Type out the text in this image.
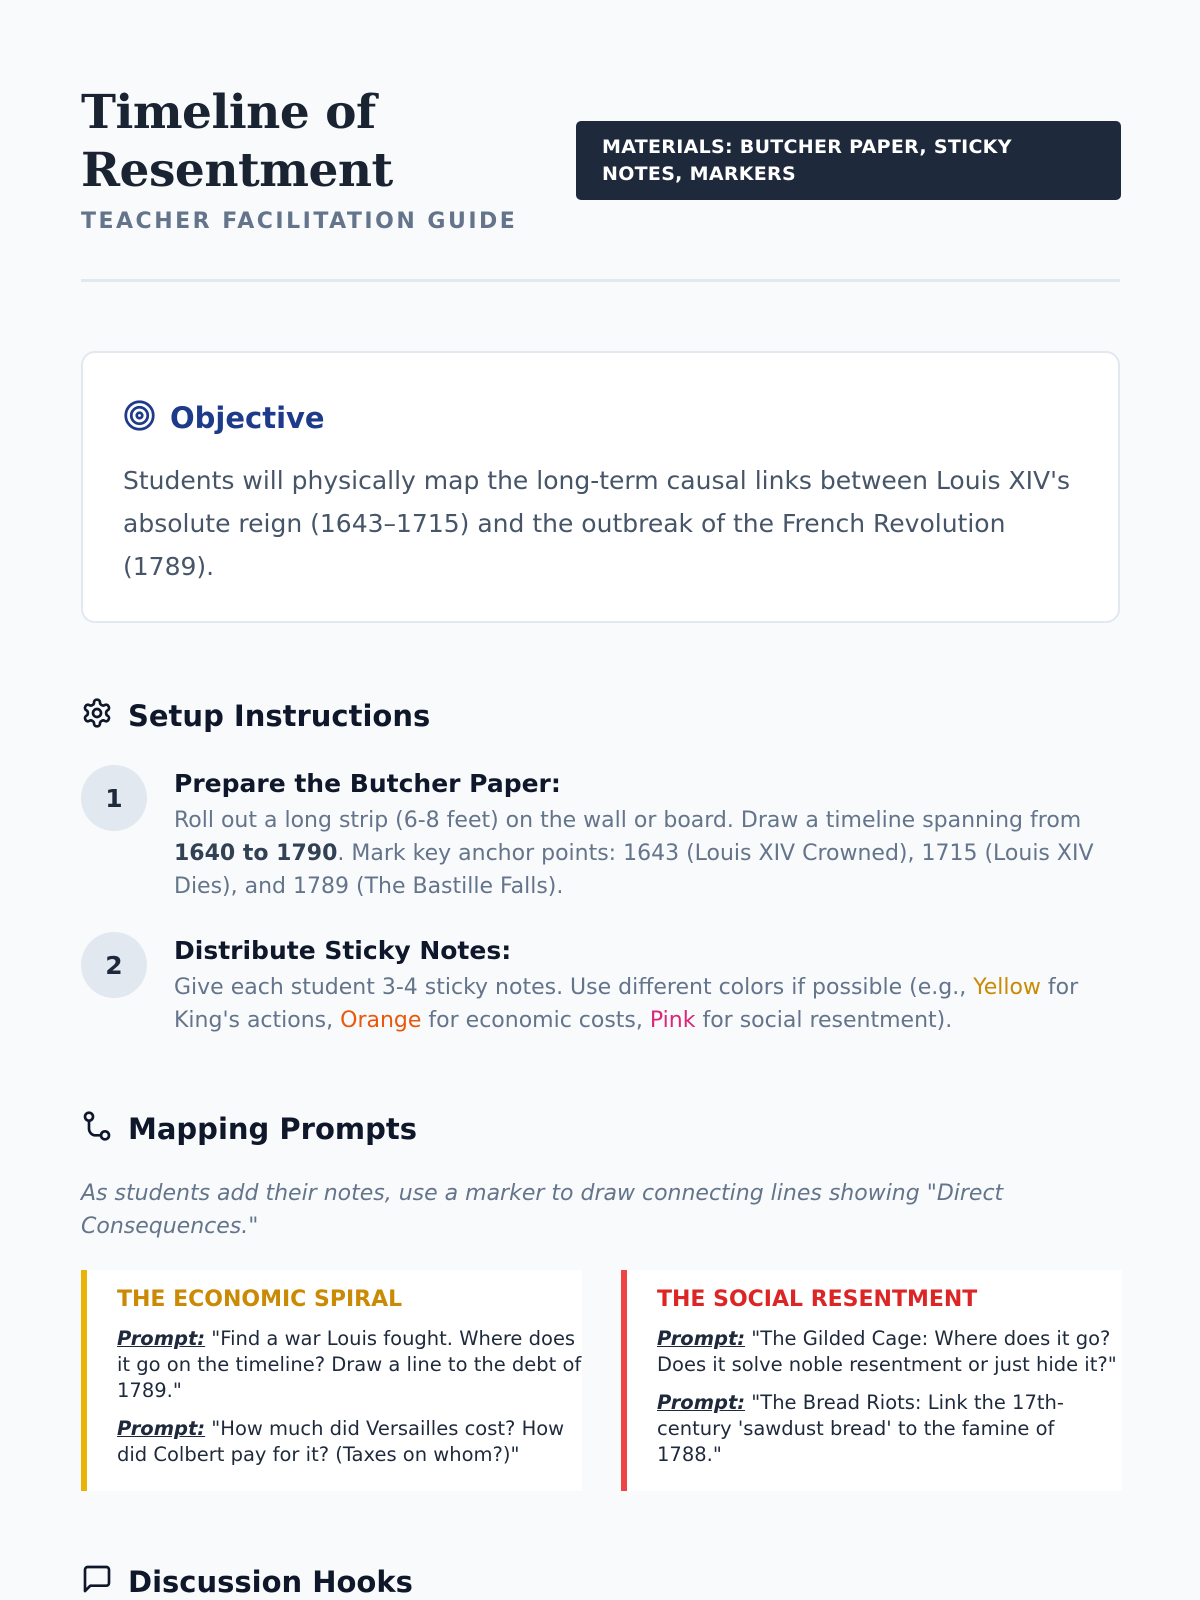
Timeline of Resentment
TEACHER FACILITATION GUIDE
MATERIALS: BUTCHER PAPER, STICKY NOTES, MARKERS
Objective

Students will physically map the long-term causal links between Louis XIV's absolute reign (1643–1715) and the outbreak of the French Revolution (1789).

Setup Instructions
1	Prepare the Butcher Paper:

Roll out a long strip (6-8 feet) on the wall or board. Draw a timeline spanning from 1640 to 1790. Mark key anchor points: 1643 (Louis XIV Crowned), 1715 (Louis XIV Dies), and 1789 (The Bastille Falls).

2	Distribute Sticky Notes:

Give each student 3-4 sticky notes. Use different colors if possible (e.g., Yellow for King's actions, Orange for economic costs, Pink for social resentment).

Mapping Prompts

As students add their notes, use a marker to draw connecting lines showing "Direct Consequences."

THE ECONOMIC SPIRAL

Prompt: "Find a war Louis fought. Where does it go on the timeline? Draw a line to the debt of 1789."

Prompt: "How much did Versailles cost? How did Colbert pay for it? (Taxes on whom?)"

THE SOCIAL RESENTMENT

Prompt: "The Gilded Cage: Where does it go? Does it solve noble resentment or just hide it?"

Prompt: "The Bread Riots: Link the 17th-century 'sawdust bread' to the famine of 1788."

Discussion Hooks
